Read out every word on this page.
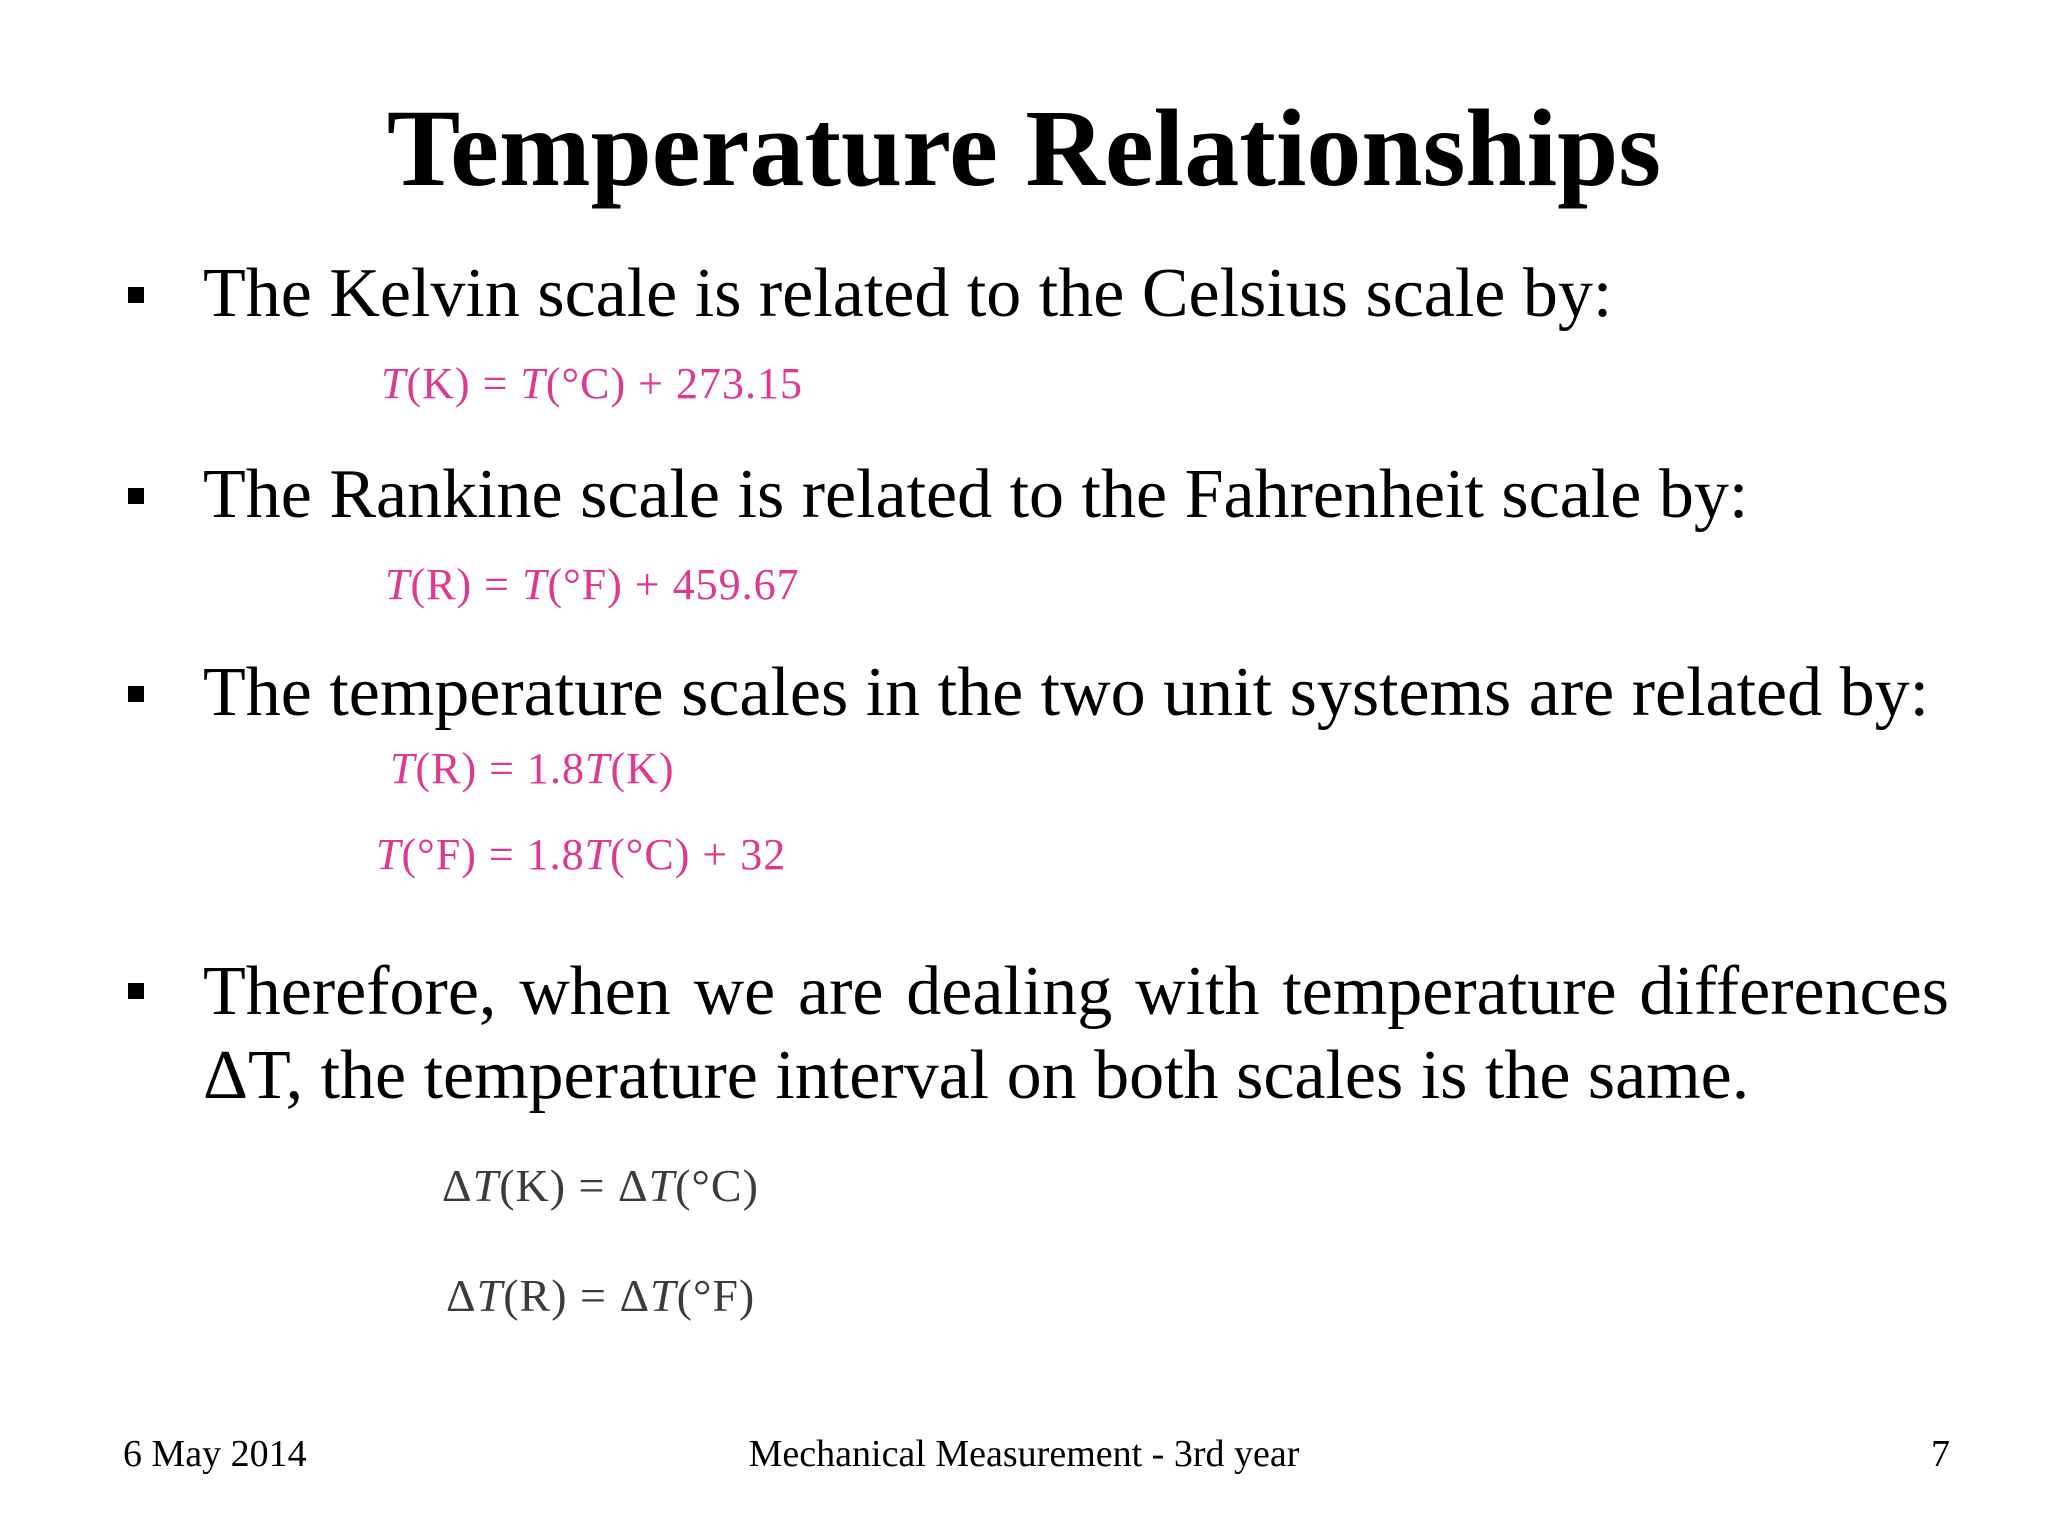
Temperature Relationships
The Kelvin scale is related to the Celsius scale by:
T(K) = T(°C) + 273.15
The Rankine scale is related to the Fahrenheit scale by:
T(R) = T(°F) + 459.67
The temperature scales in the two unit systems are related by:
T(R) = 1.8T(K)
T(°F) = 1.8T(°C) + 32
Therefore, when we are dealing with temperature differences ΔT, the temperature interval on both scales is the same.
ΔT(K) = ΔT(°C)
ΔT(R) = ΔT(°F)
6 May 2014	Mechanical Measurement - 3rd year	7
